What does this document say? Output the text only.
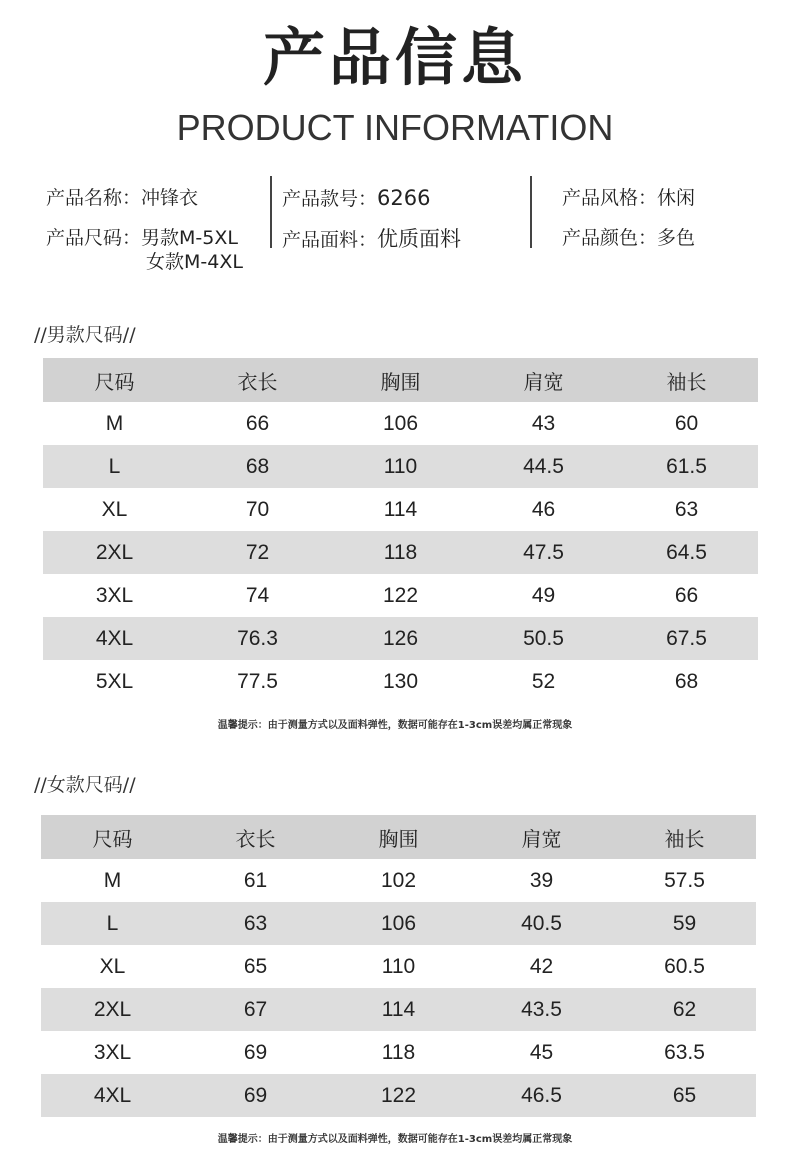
产品信息
PRODUCT INFORMATION
产品名称：冲锋衣
产品尺码：男款M-5XL
女款M-4XL
产品款号：6266
产品面料：优质面料
产品风格：休闲
产品颜色：多色
//男款尺码//
尺码	衣长	胸围	肩宽	袖长
M	66	106	43	60
L	68	110	44.5	61.5
XL	70	114	46	63
2XL	72	118	47.5	64.5
3XL	74	122	49	66
4XL	76.3	126	50.5	67.5
5XL	77.5	130	52	68
温馨提示：由于测量方式以及面料弹性，数据可能存在1-3cm误差均属正常现象
//女款尺码//
尺码	衣长	胸围	肩宽	袖长
M	61	102	39	57.5
L	63	106	40.5	59
XL	65	110	42	60.5
2XL	67	114	43.5	62
3XL	69	118	45	63.5
4XL	69	122	46.5	65
温馨提示：由于测量方式以及面料弹性，数据可能存在1-3cm误差均属正常现象
